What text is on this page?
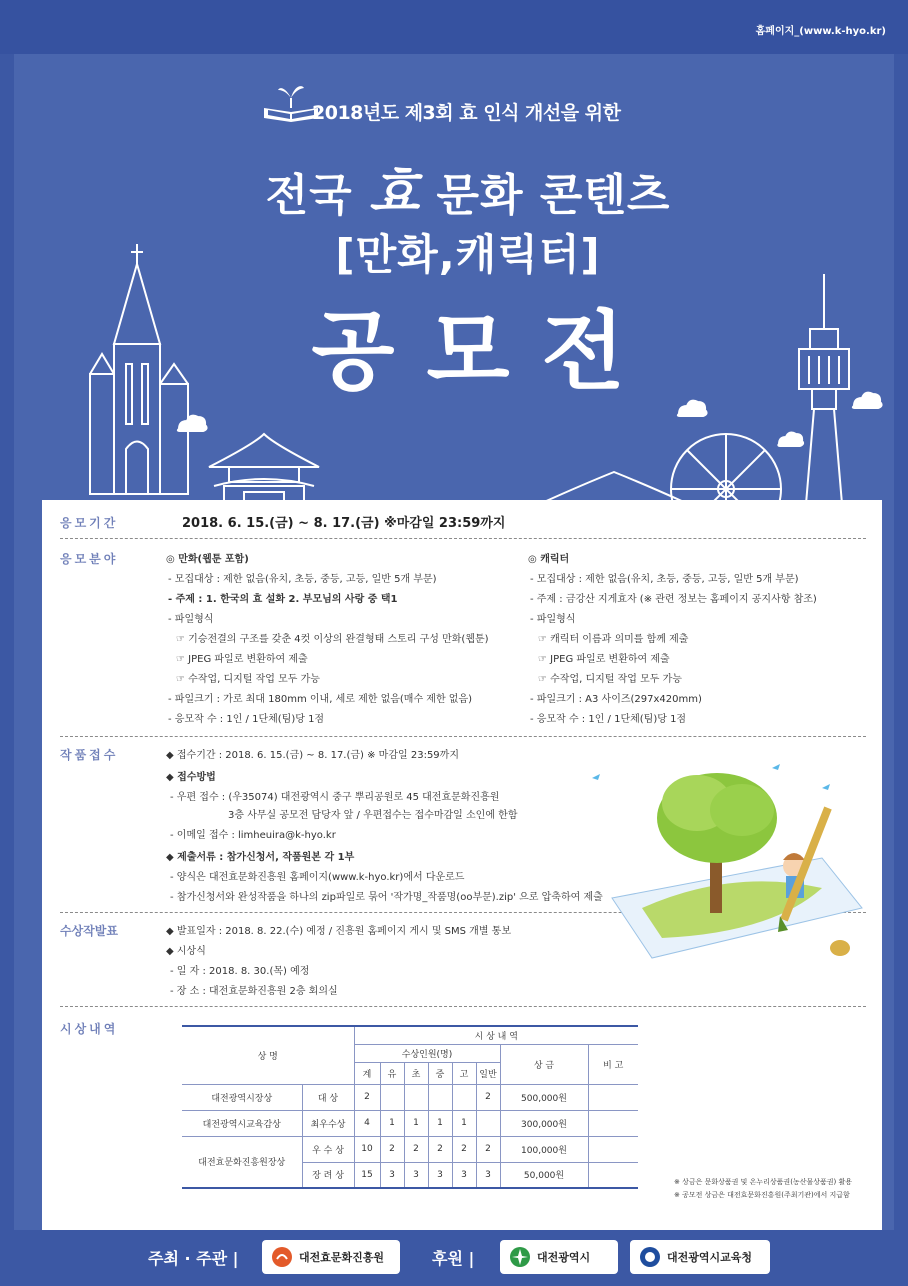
홈페이지_(www.k-hyo.kr)
2018년도 제3회 효 인식 개선을 위한
전국 효 문화 콘텐츠
[만화,캐릭터]
공모전
응모기간	2018. 6. 15.(금) ~ 8. 17.(금) ※마감일 23:59까지
응모분야	◎ 만화(웹툰 포함)
- 모집대상 : 제한 없음(유치, 초등, 중등, 고등, 일반 5개 부문)
- 주제 : 1. 한국의 효 설화 2. 부모님의 사랑 중 택1
- 파일형식
☞ 기승전결의 구조를 갖춘 4컷 이상의 완결형태 스토리 구성 만화(웹툰)
☞ JPEG 파일로 변환하여 제출
☞ 수작업, 디지털 작업 모두 가능
- 파일크기 : 가로 최대 180mm 이내, 세로 제한 없음(매수 제한 없음)
- 응모작 수 : 1인 / 1단체(팀)당 1점
◎ 캐릭터
- 모집대상 : 제한 없음(유치, 초등, 중등, 고등, 일반 5개 부문)
- 주제 : 금강산 지게효자 (※ 관련 정보는 홈페이지 공지사항 참조)
- 파일형식
☞ 캐릭터 이름과 의미를 함께 제출
☞ JPEG 파일로 변환하여 제출
☞ 수작업, 디지털 작업 모두 가능
- 파일크기 : A3 사이즈(297x420mm)
- 응모작 수 : 1인 / 1단체(팀)당 1점
작품접수	◆ 접수기간 : 2018. 6. 15.(금) ~ 8. 17.(금) ※ 마감일 23:59까지
◆ 접수방법
- 우편 접수 : (우35074) 대전광역시 중구 뿌리공원로 45 대전효문화진흥원
3층 사무실 공모전 담당자 앞 / 우편접수는 접수마감일 소인에 한함
- 이메일 접수 : limheuira@k-hyo.kr
◆ 제출서류 : 참가신청서, 작품원본 각 1부
- 양식은 대전효문화진흥원 홈페이지(www.k-hyo.kr)에서 다운로드
- 참가신청서와 완성작품을 하나의 zip파일로 묶어 '작가명_작품명(oo부문).zip' 으로 압축하여 제출
수상작발표	◆ 발표일자 : 2018. 8. 22.(수) 예정 / 진흥원 홈페이지 게시 및 SMS 개별 통보
◆ 시상식
- 일 자 : 2018. 8. 30.(목) 예정
- 장 소 : 대전효문화진흥원 2층 회의실
시상내역
상 명		시 상 내 역							
		수상인원(명)						상 금	비 고
		계	유	초	중	고	일반		
대전광역시장상	대 상	2					2	500,000원	
대전광역시교육감상	최우수상	4	1	1	1	1		300,000원	
대전효문화진흥원장상	우 수 상	10	2	2	2	2	2	100,000원	
	장 려 상	15	3	3	3	3	3	50,000원	
※ 상금은 문화상품권 및 온누리상품권(농산물상품권) 활용
※ 공모전 상금은 대전효문화진흥원(주최기관)에서 지급함
주최 · 주관 |	대전효문화진흥원	후원 |	대전광역시	대전광역시교육청
